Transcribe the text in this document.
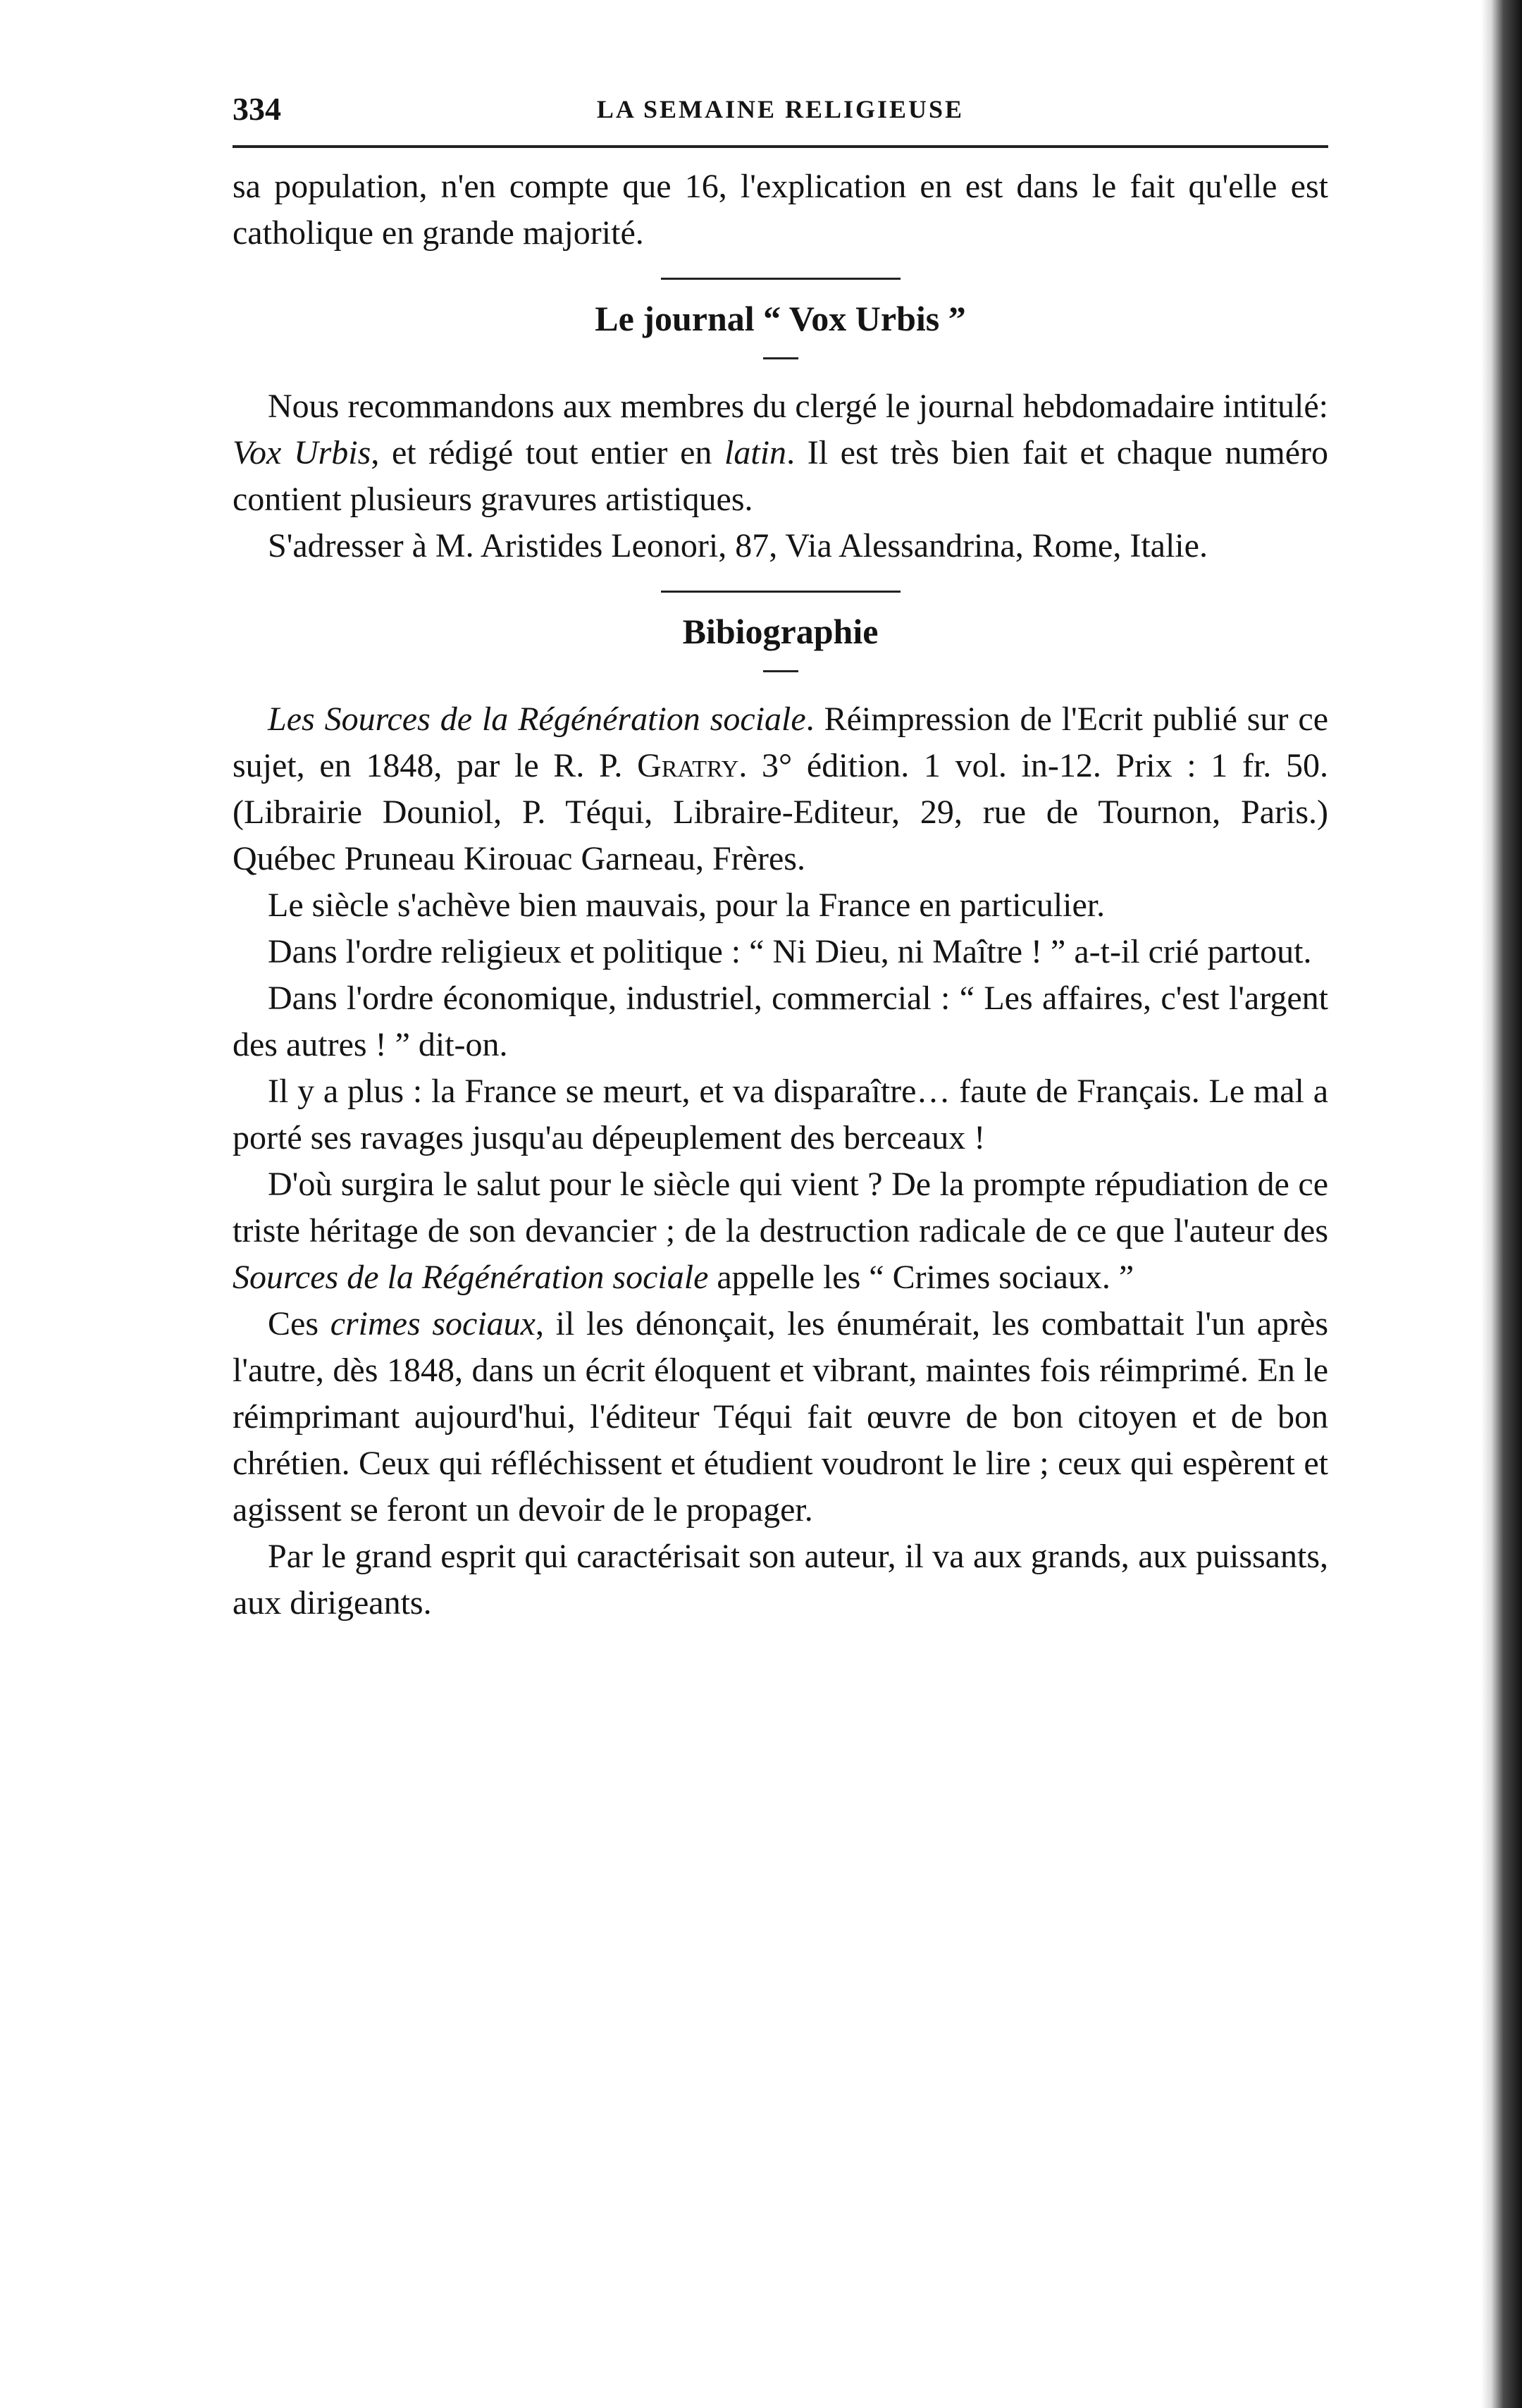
334	LA SEMAINE RELIGIEUSE

sa population, n'en compte que 16, l'explication en est dans le fait qu'elle est catholique en grande majorité.

Le journal “ Vox Urbis ”

Nous recommandons aux membres du clergé le journal hebdomadaire intitulé: Vox Urbis, et rédigé tout entier en latin. Il est très bien fait et chaque numéro contient plusieurs gravures artistiques.

S'adresser à M. Aristides Leonori, 87, Via Alessandrina, Rome, Italie.

Bibiographie

Les Sources de la Régénération sociale. Réimpression de l'Ecrit publié sur ce sujet, en 1848, par le R. P. Gratry. 3° édition. 1 vol. in-12. Prix : 1 fr. 50. (Librairie Douniol, P. Téqui, Libraire-Editeur, 29, rue de Tournon, Paris.) Québec Pruneau Kirouac Garneau, Frères.

Le siècle s'achève bien mauvais, pour la France en particulier.

Dans l'ordre religieux et politique : “ Ni Dieu, ni Maître ! ” a-t-il crié partout.

Dans l'ordre économique, industriel, commercial : “ Les affaires, c'est l'argent des autres ! ” dit-on.

Il y a plus : la France se meurt, et va disparaître… faute de Français. Le mal a porté ses ravages jusqu'au dépeuplement des berceaux !

D'où surgira le salut pour le siècle qui vient ? De la prompte répudiation de ce triste héritage de son devancier ; de la destruction radicale de ce que l'auteur des Sources de la Régénération sociale appelle les “ Crimes sociaux. ”

Ces crimes sociaux, il les dénonçait, les énumérait, les combattait l'un après l'autre, dès 1848, dans un écrit éloquent et vibrant, maintes fois réimprimé. En le réimprimant aujourd'hui, l'éditeur Téqui fait œuvre de bon citoyen et de bon chrétien. Ceux qui réfléchissent et étudient voudront le lire ; ceux qui espèrent et agissent se feront un devoir de le propager.

Par le grand esprit qui caractérisait son auteur, il va aux grands, aux puissants, aux dirigeants.
